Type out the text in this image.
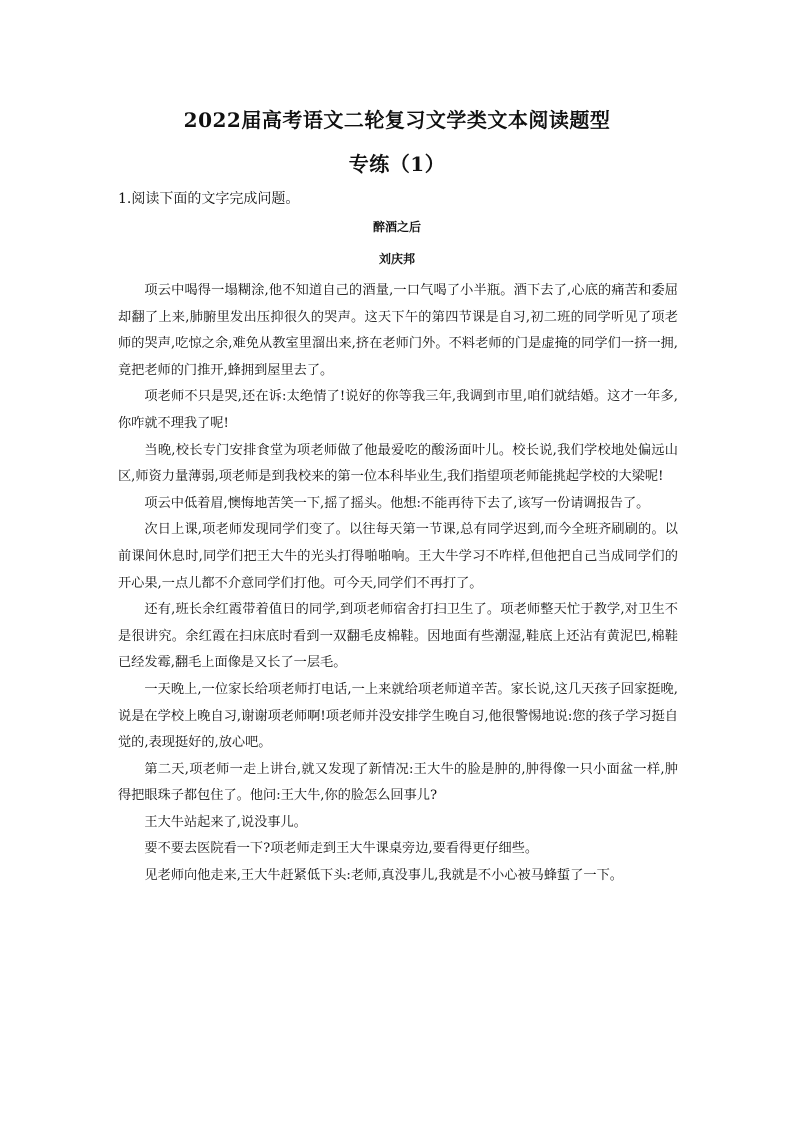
2022届高考语文二轮复习文学类文本阅读题型
专练（1）
1.阅读下面的文字完成问题。
醉酒之后
刘庆邦

项云中喝得一塌糊涂,他不知道自己的酒量,一口气喝了小半瓶。酒下去了,心底的痛苦和委屈却翻了上来,肺腑里发出压抑很久的哭声。这天下午的第四节课是自习,初二班的同学听见了项老师的哭声,吃惊之余,难免从教室里溜出来,挤在老师门外。不料老师的门是虚掩的同学们一挤一拥,竟把老师的门推开,蜂拥到屋里去了。

项老师不只是哭,还在诉:太绝情了!说好的你等我三年,我调到市里,咱们就结婚。这才一年多,你咋就不理我了呢!

当晚,校长专门安排食堂为项老师做了他最爱吃的酸汤面叶儿。校长说,我们学校地处偏远山区,师资力量薄弱,项老师是到我校来的第一位本科毕业生,我们指望项老师能挑起学校的大梁呢!

项云中低着眉,懊悔地苦笑一下,摇了摇头。他想:不能再待下去了,该写一份请调报告了。

次日上课,项老师发现同学们变了。以往每天第一节课,总有同学迟到,而今全班齐刷刷的。以前课间休息时,同学们把王大牛的光头打得啪啪响。王大牛学习不咋样,但他把自己当成同学们的开心果,一点儿都不介意同学们打他。可今天,同学们不再打了。

还有,班长余红霞带着值日的同学,到项老师宿舍打扫卫生了。项老师整天忙于教学,对卫生不是很讲究。余红霞在扫床底时看到一双翻毛皮棉鞋。因地面有些潮湿,鞋底上还沾有黄泥巴,棉鞋已经发霉,翻毛上面像是又长了一层毛。

一天晚上,一位家长给项老师打电话,一上来就给项老师道辛苦。家长说,这几天孩子回家挺晚,说是在学校上晚自习,谢谢项老师啊!项老师并没安排学生晚自习,他很警惕地说:您的孩子学习挺自觉的,表现挺好的,放心吧。

第二天,项老师一走上讲台,就又发现了新情况:王大牛的脸是肿的,肿得像一只小面盆一样,肿得把眼珠子都包住了。他问:王大牛,你的脸怎么回事儿?

王大牛站起来了,说没事儿。

要不要去医院看一下?项老师走到王大牛课桌旁边,要看得更仔细些。

见老师向他走来,王大牛赶紧低下头:老师,真没事儿,我就是不小心被马蜂蜇了一下。
